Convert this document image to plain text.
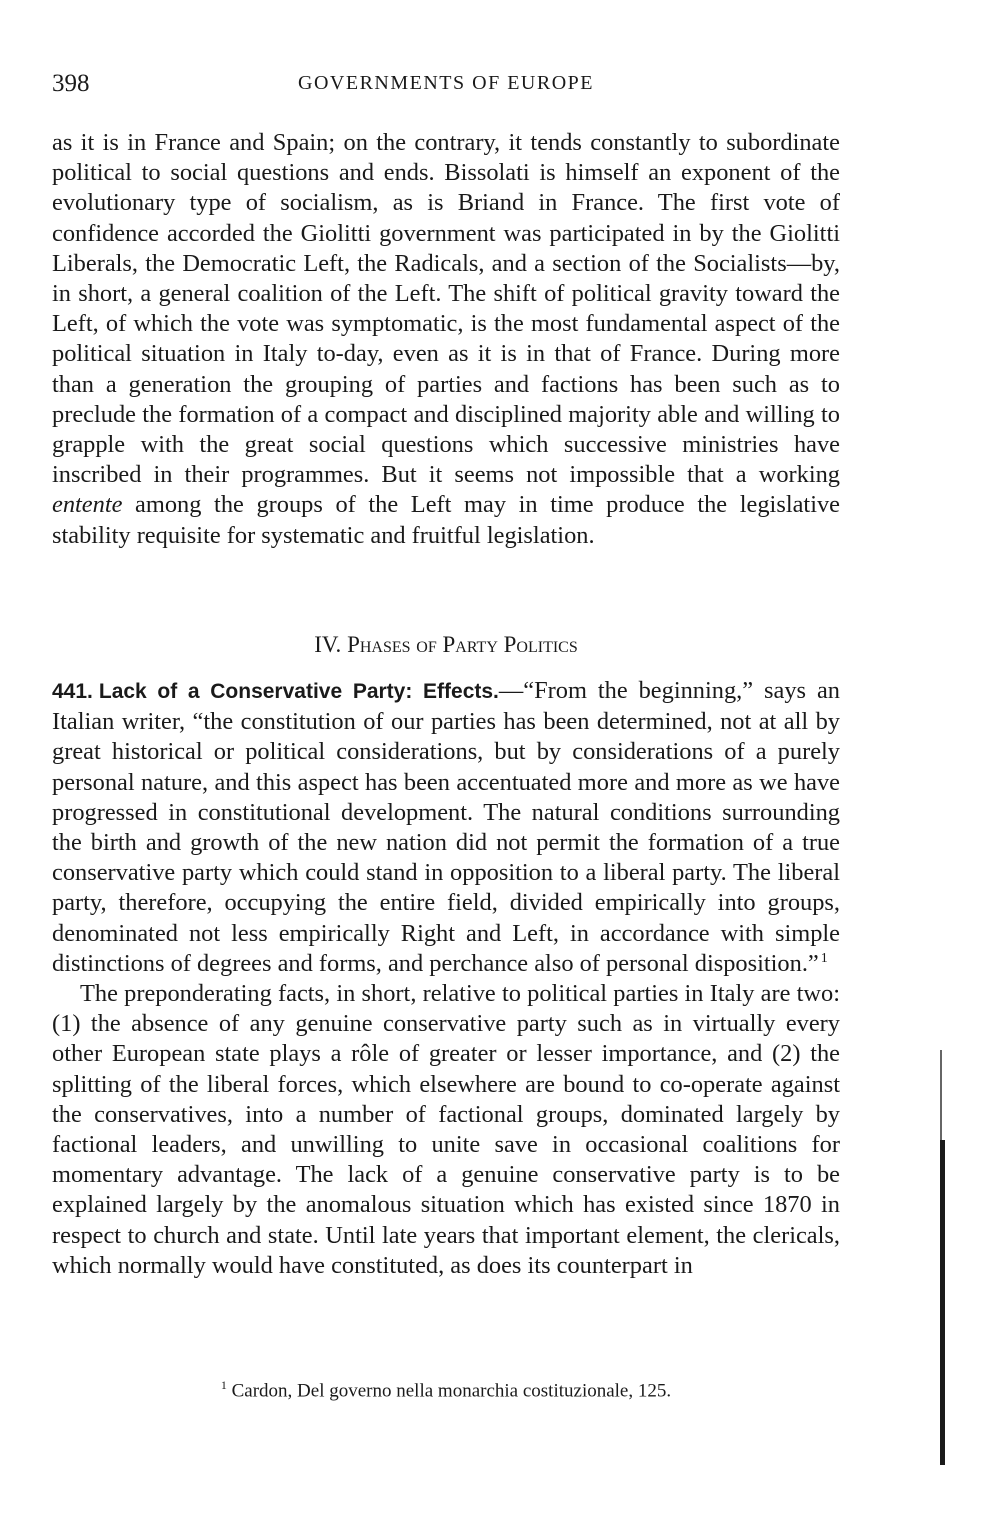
398	GOVERNMENTS OF EUROPE

as it is in France and Spain; on the contrary, it tends constantly to subordinate political to social questions and ends. Bissolati is himself an exponent of the evolutionary type of socialism, as is Briand in France. The first vote of confidence accorded the Giolitti government was participated in by the Giolitti Liberals, the Democratic Left, the Radicals, and a section of the Socialists—by, in short, a general coalition of the Left. The shift of political gravity toward the Left, of which the vote was symptomatic, is the most fundamental aspect of the political situation in Italy to-day, even as it is in that of France. During more than a generation the grouping of parties and factions has been such as to preclude the formation of a compact and disciplined majority able and willing to grapple with the great social questions which successive ministries have inscribed in their programmes. But it seems not impossible that a working entente among the groups of the Left may in time produce the legislative stability requisite for systematic and fruitful legislation.

IV. Phases of Party Politics

441. Lack of a Conservative Party: Effects.—“From the beginning,” says an Italian writer, “the constitution of our parties has been determined, not at all by great historical or political considerations, but by considerations of a purely personal nature, and this aspect has been accentuated more and more as we have progressed in constitutional development. The natural conditions surrounding the birth and growth of the new nation did not permit the formation of a true conservative party which could stand in opposition to a liberal party. The liberal party, therefore, occupying the entire field, divided empirically into groups, denominated not less empirically Right and Left, in accordance with simple distinctions of degrees and forms, and perchance also of personal disposition.” $^1$

The preponderating facts, in short, relative to political parties in Italy are two: (1) the absence of any genuine conservative party such as in virtually every other European state plays a rôle of greater or lesser importance, and (2) the splitting of the liberal forces, which elsewhere are bound to co-operate against the conservatives, into a number of factional groups, dominated largely by factional leaders, and unwilling to unite save in occasional coalitions for momentary advantage. The lack of a genuine conservative party is to be explained largely by the anomalous situation which has existed since 1870 in respect to church and state. Until late years that important element, the clericals, which normally would have constituted, as does its counterpart in

$^1$ Cardon, Del governo nella monarchia costituzionale, 125.
